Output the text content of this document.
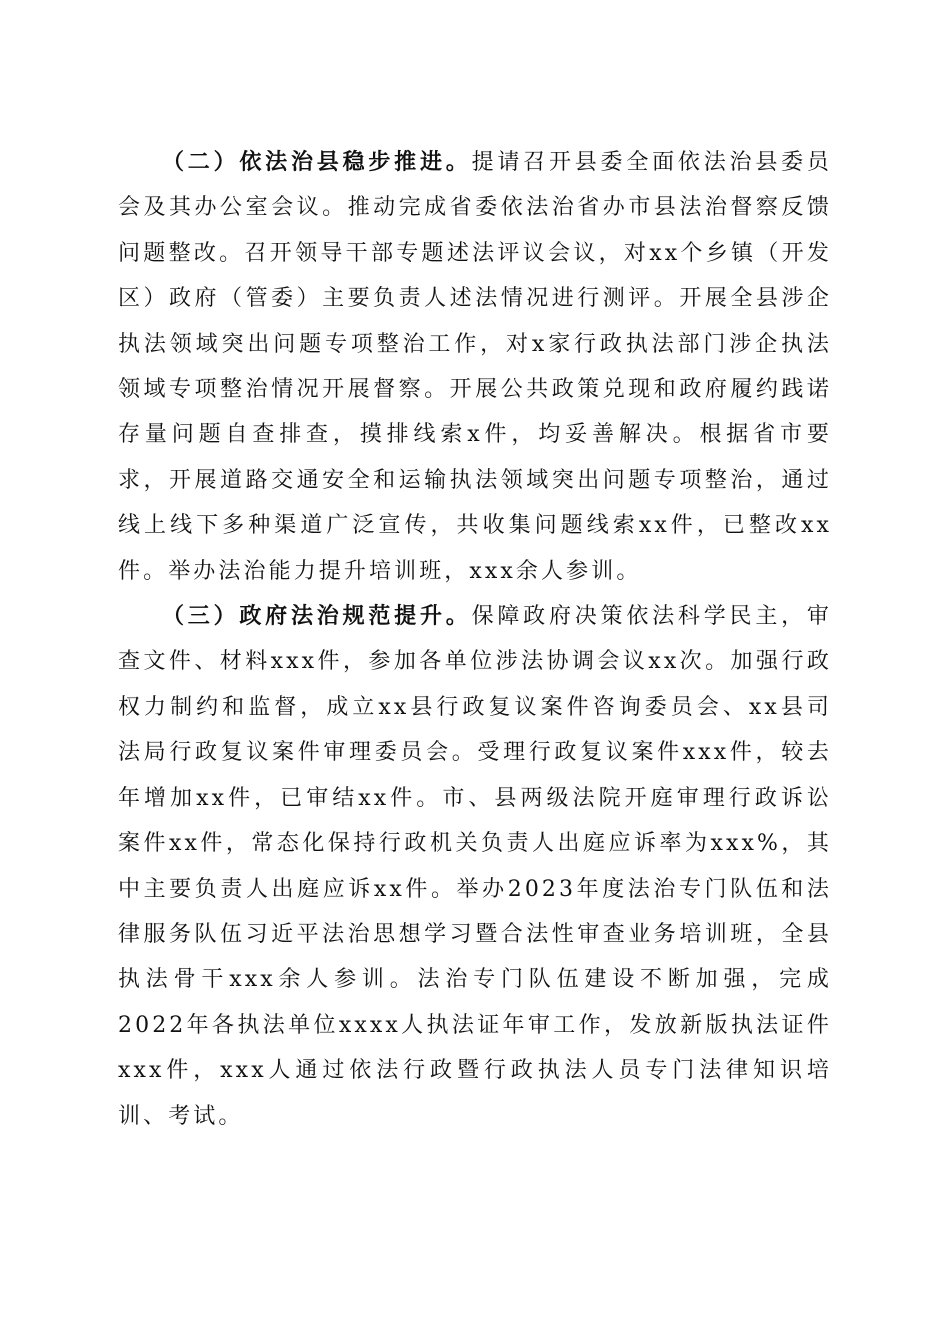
（二）依法治县稳步推进。提请召开县委全面依法治县委员会及其办公室会议。推动完成省委依法治省办市县法治督察反馈问题整改。召开领导干部专题述法评议会议，对xx个乡镇（开发区）政府（管委）主要负责人述法情况进行测评。开展全县涉企执法领域突出问题专项整治工作，对x家行政执法部门涉企执法领域专项整治情况开展督察。开展公共政策兑现和政府履约践诺存量问题自查排查，摸排线索x件，均妥善解决。根据省市要求，开展道路交通安全和运输执法领域突出问题专项整治，通过线上线下多种渠道广泛宣传，共收集问题线索xx件，已整改xx件。举办法治能力提升培训班，xxx余人参训。

（三）政府法治规范提升。保障政府决策依法科学民主，审查文件、材料xxx件，参加各单位涉法协调会议xx次。加强行政权力制约和监督，成立xx县行政复议案件咨询委员会、xx县司法局行政复议案件审理委员会。受理行政复议案件xxx件，较去年增加xx件，已审结xx件。市、县两级法院开庭审理行政诉讼案件xx件，常态化保持行政机关负责人出庭应诉率为xxx%，其中主要负责人出庭应诉xx件。举办2023年度法治专门队伍和法律服务队伍习近平法治思想学习暨合法性审查业务培训班，全县执法骨干xxx余人参训。法治专门队伍建设不断加强，完成2022年各执法单位xxxx人执法证年审工作，发放新版执法证件xxx件，xxx人通过依法行政暨行政执法人员专门法律知识培训、考试。
